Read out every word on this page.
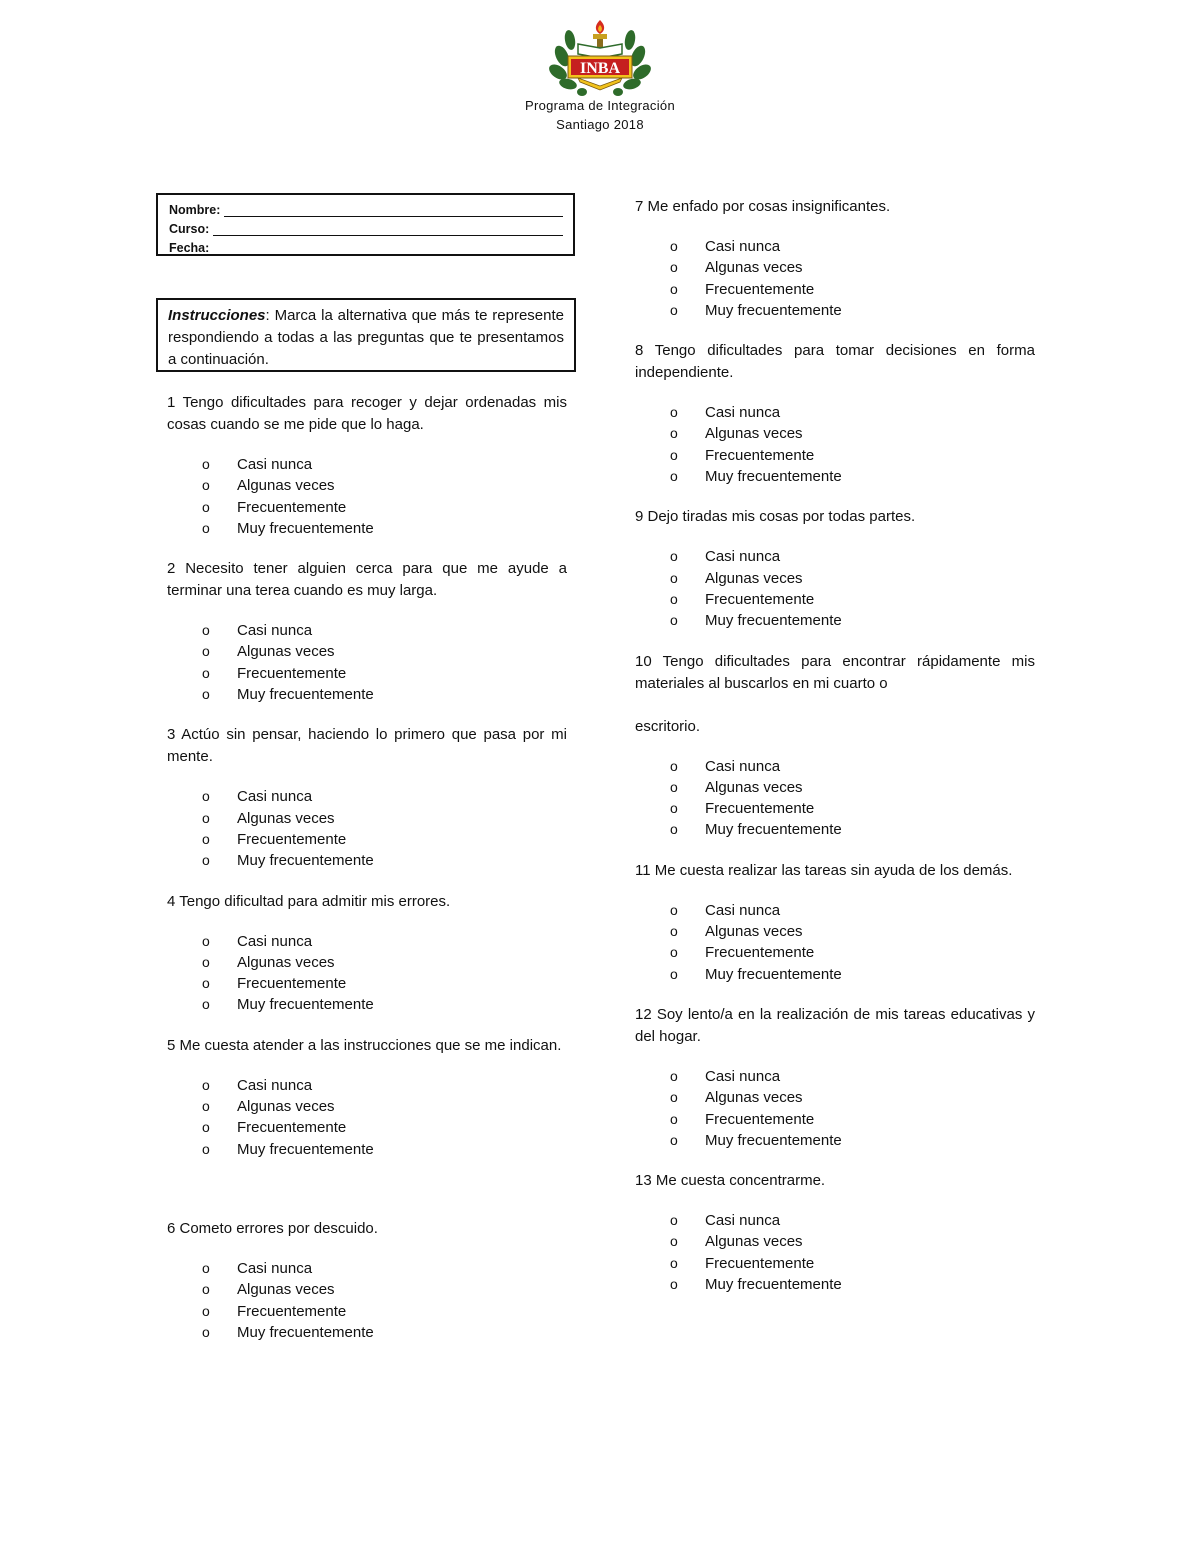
INBA
Programa de Integración
Santiago 2018
Nombre:
Curso:
Fecha:
Instrucciones: Marca la alternativa que más te represente respondiendo a todas a las preguntas que te presentamos a continuación.

1 Tengo dificultades para recoger y dejar ordenadas mis cosas cuando se me pide que lo haga.

o Casi nunca
o Algunas veces
o Frecuentemente
o Muy frecuentemente

2 Necesito tener alguien cerca para que me ayude a terminar una terea cuando es muy larga.

o Casi nunca
o Algunas veces
o Frecuentemente
o Muy frecuentemente

3 Actúo sin pensar, haciendo lo primero que pasa por mi mente.

o Casi nunca
o Algunas veces
o Frecuentemente
o Muy frecuentemente

4 Tengo dificultad para admitir mis errores.

o Casi nunca
o Algunas veces
o Frecuentemente
o Muy frecuentemente

5 Me cuesta atender a las instrucciones que se me indican.

o Casi nunca
o Algunas veces
o Frecuentemente
o Muy frecuentemente

6 Cometo errores por descuido.

o Casi nunca
o Algunas veces
o Frecuentemente
o Muy frecuentemente

7 Me enfado por cosas insignificantes.

o Casi nunca
o Algunas veces
o Frecuentemente
o Muy frecuentemente

8 Tengo dificultades para tomar decisiones en forma independiente.

o Casi nunca
o Algunas veces
o Frecuentemente
o Muy frecuentemente

9 Dejo tiradas mis cosas por todas partes.

o Casi nunca
o Algunas veces
o Frecuentemente
o Muy frecuentemente

10 Tengo dificultades para encontrar rápidamente mis materiales al buscarlos en mi cuarto o

escritorio.

o Casi nunca
o Algunas veces
o Frecuentemente
o Muy frecuentemente

11 Me cuesta realizar las tareas sin ayuda de los demás.

o Casi nunca
o Algunas veces
o Frecuentemente
o Muy frecuentemente

12 Soy lento/a en la realización de mis tareas educativas y del hogar.

o Casi nunca
o Algunas veces
o Frecuentemente
o Muy frecuentemente

13 Me cuesta concentrarme.

o Casi nunca
o Algunas veces
o Frecuentemente
o Muy frecuentemente
